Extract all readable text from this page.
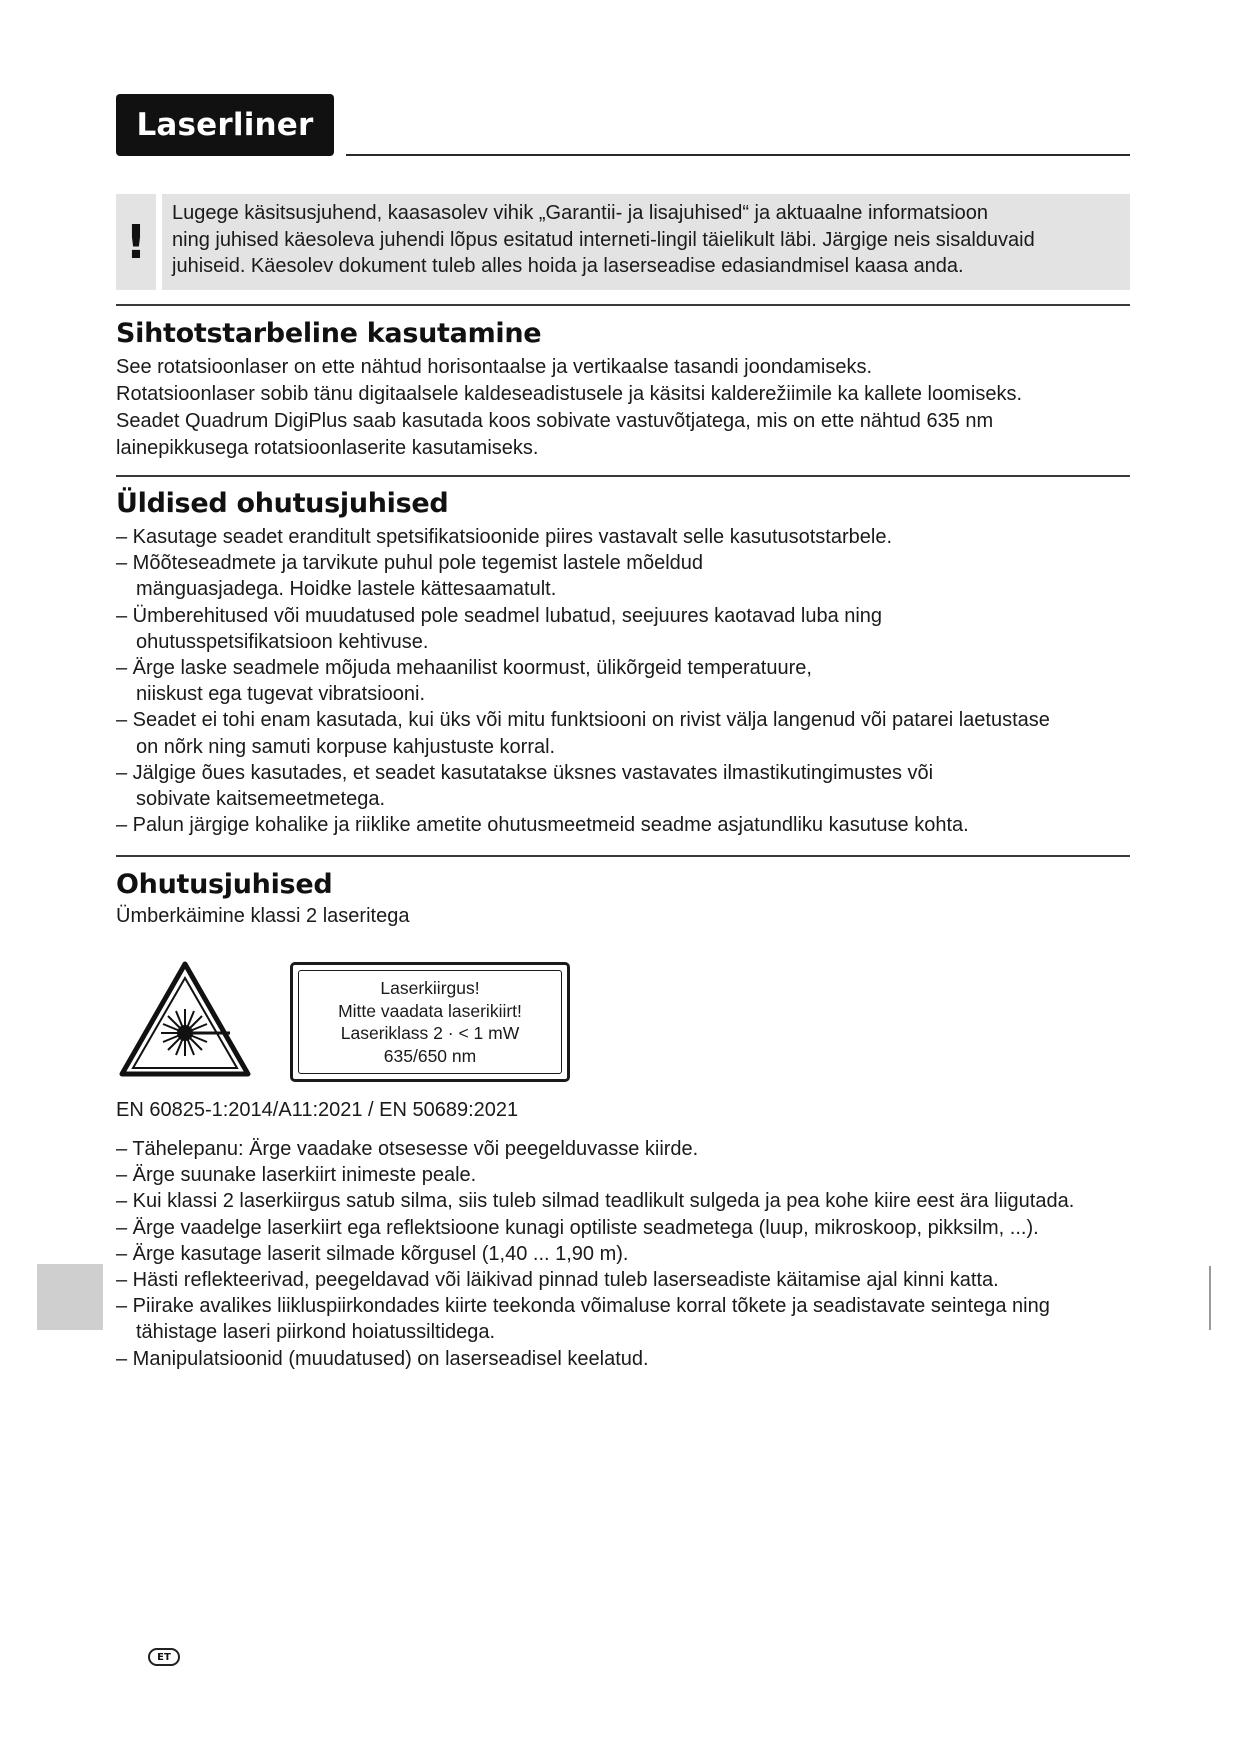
Laserliner
!
Lugege käsitsusjuhend, kaasasolev vihik „Garantii- ja lisajuhised“ ja aktuaalne informatsioon
ning juhised käesoleva juhendi lõpus esitatud interneti-lingil täielikult läbi. Järgige neis sisalduvaid
juhiseid. Käesolev dokument tuleb alles hoida ja laserseadise edasiandmisel kaasa anda.
Sihtotstarbeline kasutamine
See rotatsioonlaser on ette nähtud horisontaalse ja vertikaalse tasandi joondamiseks.
Rotatsioonlaser sobib tänu digitaalsele kaldeseadistusele ja käsitsi kalderežiimile ka kallete loomiseks.
Seadet Quadrum DigiPlus saab kasutada koos sobivate vastuvõtjatega, mis on ette nähtud 635 nm
lainepikkusega rotatsioonlaserite kasutamiseks.
Üldised ohutusjuhised
– Kasutage seadet eranditult spetsifikatsioonide piires vastavalt selle kasutusotstarbele.
– Mõõteseadmete ja tarvikute puhul pole tegemist lastele mõeldud
mänguasjadega. Hoidke lastele kättesaamatult.
– Ümberehitused või muudatused pole seadmel lubatud, seejuures kaotavad luba ning
ohutusspetsifikatsioon kehtivuse.
– Ärge laske seadmele mõjuda mehaanilist koormust, ülikõrgeid temperatuure,
niiskust ega tugevat vibratsiooni.
– Seadet ei tohi enam kasutada, kui üks või mitu funktsiooni on rivist välja langenud või patarei laetustase
on nõrk ning samuti korpuse kahjustuste korral.
– Jälgige õues kasutades, et seadet kasutatakse üksnes vastavates ilmastikutingimustes või
sobivate kaitsemeetmetega.
– Palun järgige kohalike ja riiklike ametite ohutusmeetmeid seadme asjatundliku kasutuse kohta.
Ohutusjuhised
Ümberkäimine klassi 2 laseritega
Laserkiirgus!
Mitte vaadata laserikiirt!
Laseriklass 2 · < 1 mW
635/650 nm
EN 60825-1:2014/A11:2021 / EN 50689:2021
– Tähelepanu: Ärge vaadake otsesesse või peegelduvasse kiirde.
– Ärge suunake laserkiirt inimeste peale.
– Kui klassi 2 laserkiirgus satub silma, siis tuleb silmad teadlikult sulgeda ja pea kohe kiire eest ära liigutada.
– Ärge vaadelge laserkiirt ega reflektsioone kunagi optiliste seadmetega (luup, mikroskoop, pikksilm, ...).
– Ärge kasutage laserit silmade kõrgusel (1,40 ... 1,90 m).
– Hästi reflekteerivad, peegeldavad või läikivad pinnad tuleb laserseadiste käitamise ajal kinni katta.
– Piirake avalikes liikluspiirkondades kiirte teekonda võimaluse korral tõkete ja seadistavate seintega ning
tähistage laseri piirkond hoiatussiltidega.
– Manipulatsioonid (muudatused) on laserseadisel keelatud.
ET
